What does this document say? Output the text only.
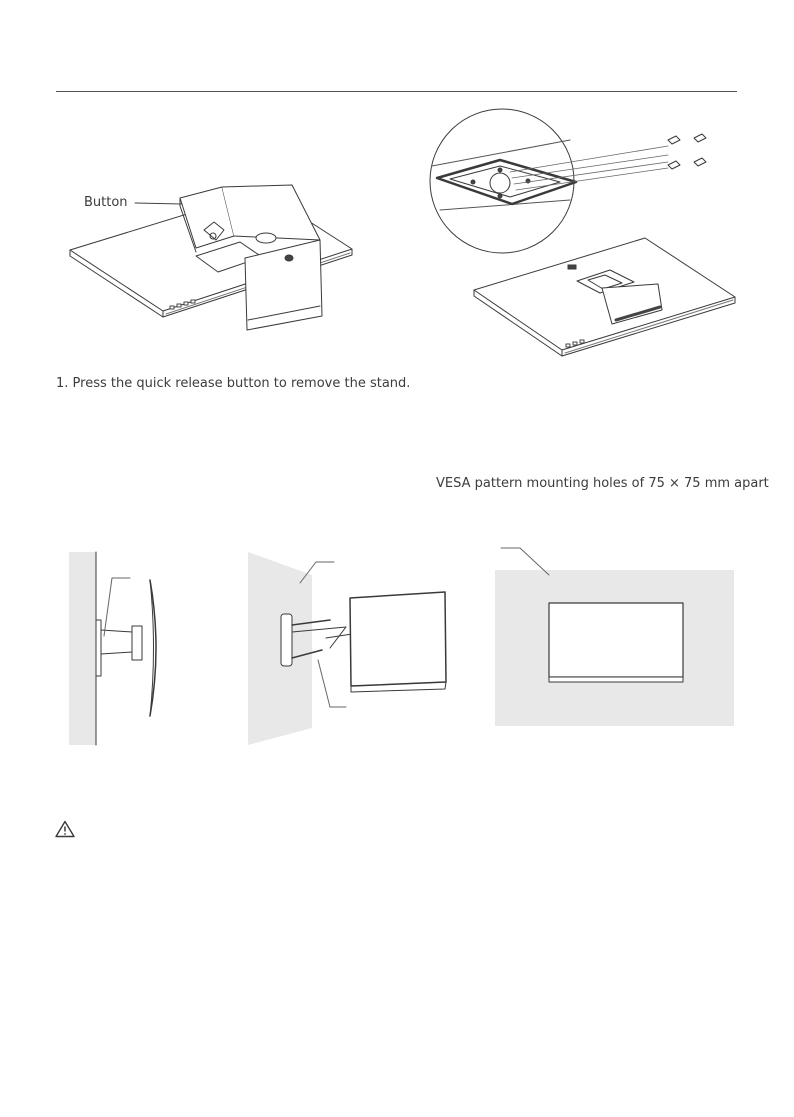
Button
1. Press the quick release button to remove the stand.
VESA pattern mounting holes of 75 × 75 mm apart
